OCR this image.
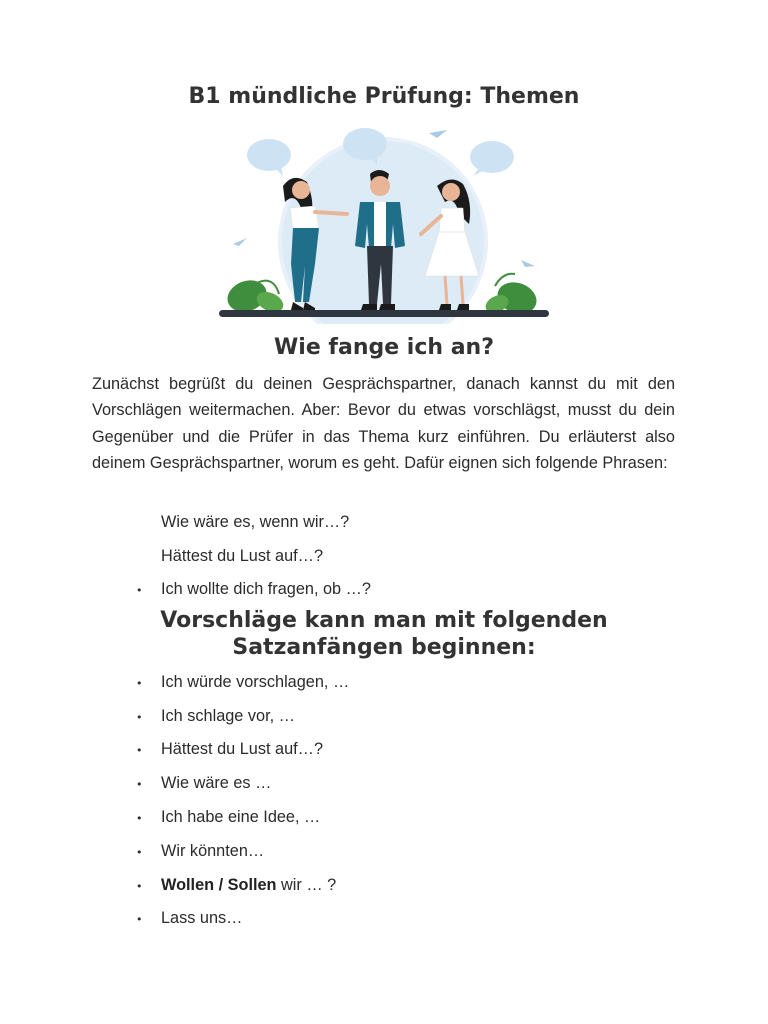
B1 mündliche Prüfung: Themen
Wie fange ich an?

Zunächst begrüßt du deinen Gesprächspartner, danach kannst du mit den Vorschlägen weitermachen. Aber: Bevor du etwas vorschlägst, musst du dein Gegenüber und die Prüfer in das Thema kurz einführen. Du erläuterst also deinem Gesprächspartner, worum es geht. Dafür eignen sich folgende Phrasen:

Wie wäre es, wenn wir…?
Hättest du Lust auf…?
• Ich wollte dich fragen, ob …?
Vorschläge kann man mit folgenden
Satzanfängen beginnen:
• Ich würde vorschlagen, …
• Ich schlage vor, …
• Hättest du Lust auf…?
• Wie wäre es …
• Ich habe eine Idee, …
• Wir könnten…
• Wollen / Sollen wir … ?
• Lass uns…
